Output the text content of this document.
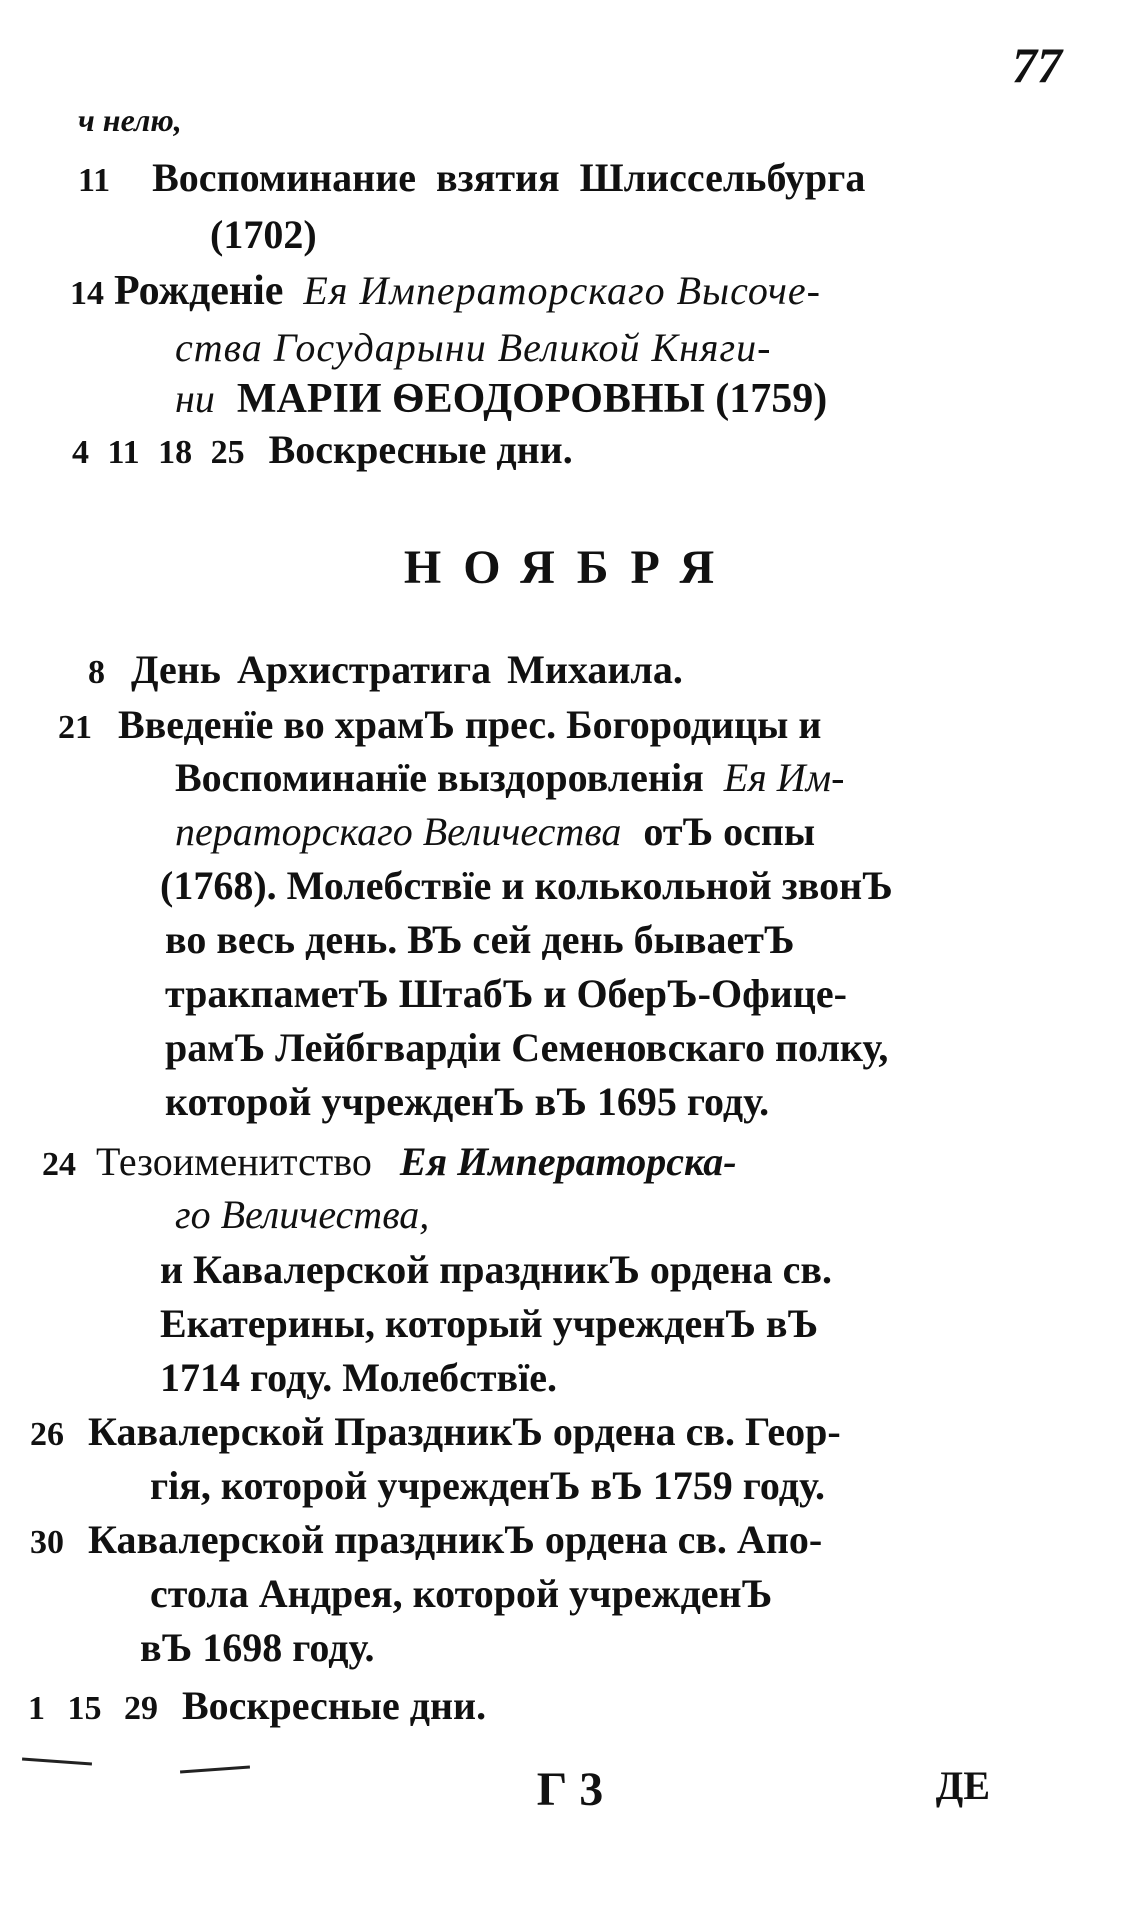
77
ч нелю,
11 Воспоминание взятия Шлиссельбурга
(1702)
14 Рожденіе Ея Императорскаго Высоче-
ства Государыни Великой Княги-
ни МАРІИ ѲЕОДОРОВНЫ (1759)
4 11 18 25 Воскресные дни.
НОЯБРЯ
8 День Архистратига Михаила.
21 Введенїе во храмЪ прес. Богородицы и
Воспоминанїе выздоровленія Ея Им-
ператорскаго Величества отЪ оспы
(1768). Молебствїе и колькольной звонЪ
во весь день. ВЪ сей день бываетЪ
тракпаметЪ ШтабЪ и ОберЪ-Офице-
рамЪ Лейбгвардіи Семеновскаго полку,
которой учрежденЪ вЪ 1695 году.
24 Тезоименитство Ея Императорска-
го Величества,
и Кавалерской праздникЪ ордена св.
Екатерины, который учрежденЪ вЪ
1714 году. Молебствїе.
26 Кавалерской ПраздникЪ ордена св. Геор-
гія, которой учрежденЪ вЪ 1759 году.
30 Кавалерской праздникЪ ордена св. Апо-
стола Андрея, которой учрежденЪ
вЪ 1698 году.
1 15 29 Воскресные дни.
Г 3	ДЕ
